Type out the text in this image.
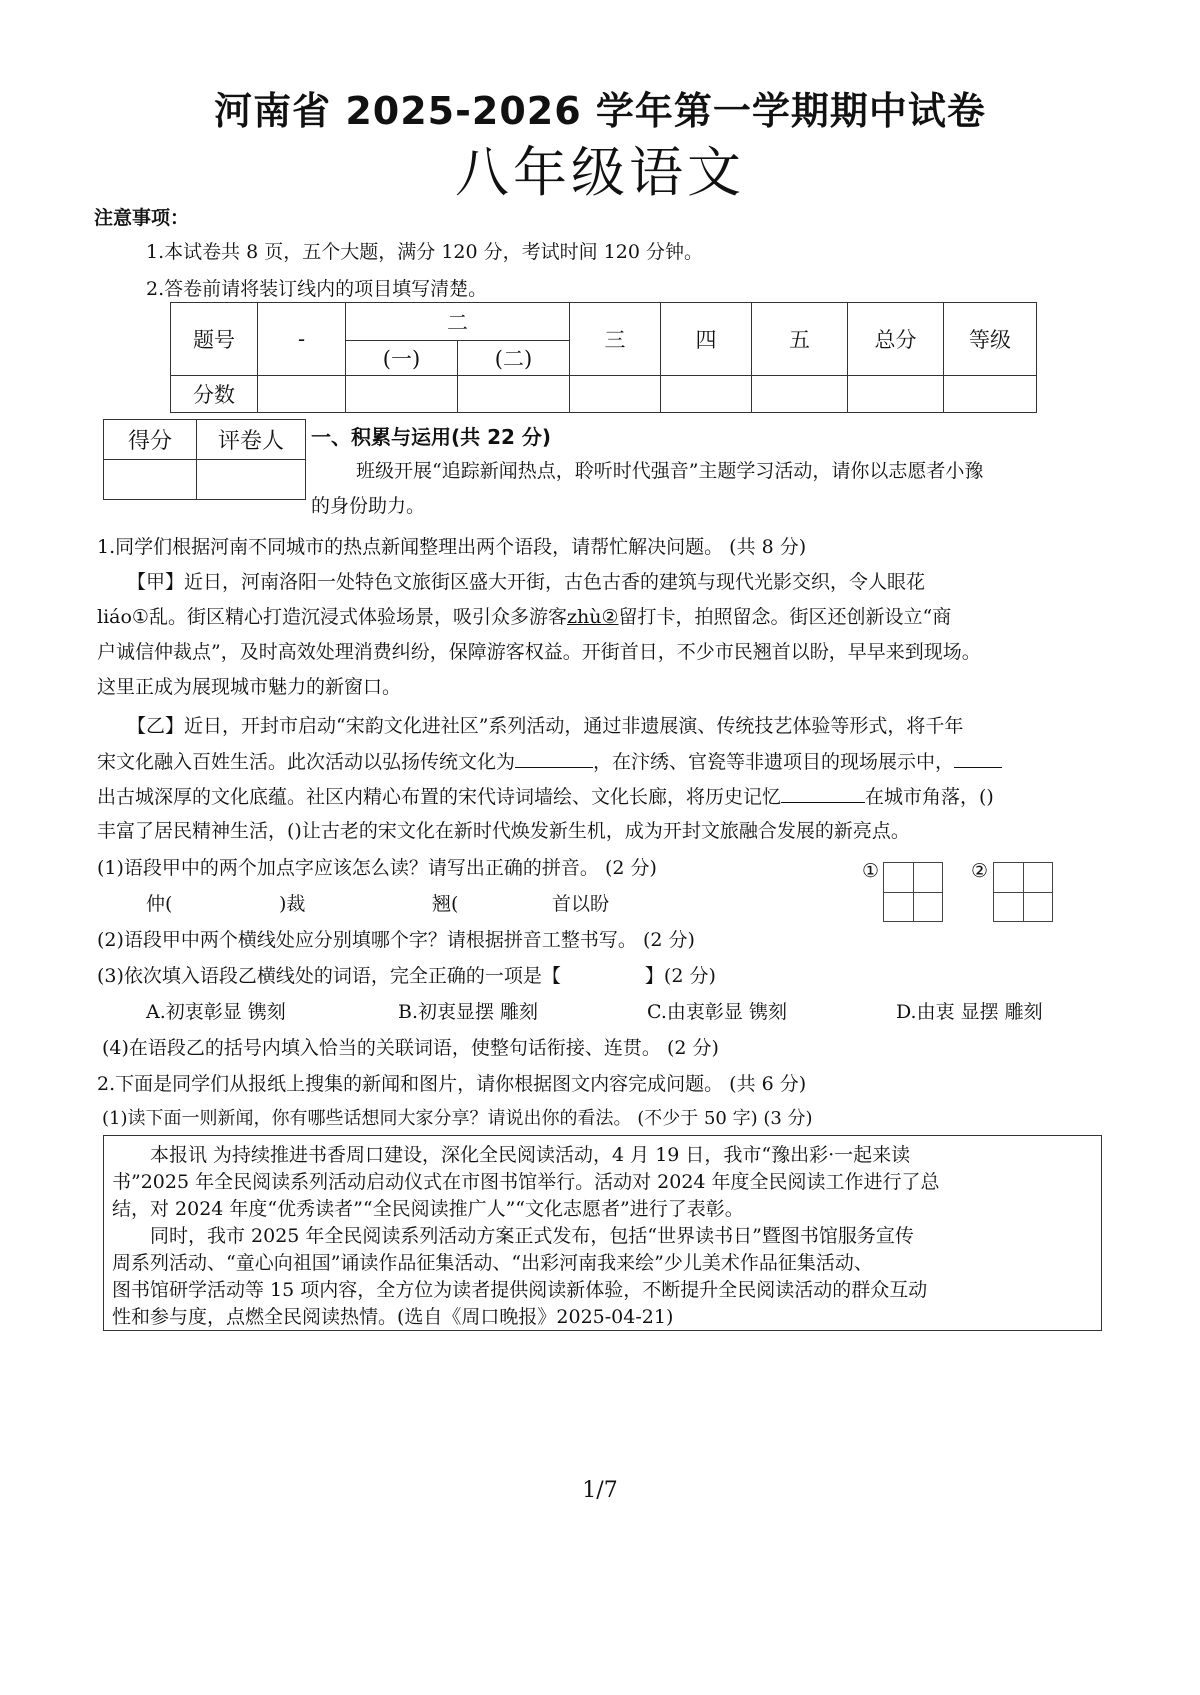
河南省 2025-2026 学年第一学期期中试卷
八年级语文
注意事项：
1.本试卷共 8 页，五个大题，满分 120 分，考试时间 120 分钟。
2.答卷前请将装订线内的项目填写清楚。
题号	-	二		三	四	五	总分	等级
		(一)	(二)					
分数								
得分	评卷人
	一、积累与运用(共 22 分)
班级开展“追踪新闻热点，聆听时代强音”主题学习活动，请你以志愿者小豫
的身份助力。
1.同学们根据河南不同城市的热点新闻整理出两个语段，请帮忙解决问题。 (共 8 分)
【甲】近日，河南洛阳一处特色文旅街区盛大开街，古色古香的建筑与现代光影交织，令人眼花
liáo①乱。街区精心打造沉浸式体验场景，吸引众多游客zhù②留打卡，拍照留念。街区还创新设立“商
户诚信仲裁点”，及时高效处理消费纠纷，保障游客权益。开街首日，不少市民翘首以盼，早早来到现场。
这里正成为展现城市魅力的新窗口。
【乙】近日，开封市启动“宋韵文化进社区”系列活动，通过非遗展演、传统技艺体验等形式，将千年
宋文化融入百姓生活。此次活动以弘扬传统文化为	，在汴绣、官瓷等非遗项目的现场展示中，
出古城深厚的文化底蕴。社区内精心布置的宋代诗词墙绘、文化长廊，将历史记忆	在城市角落，()
丰富了居民精神生活，()让古老的宋文化在新时代焕发新生机，成为开封文旅融合发展的新亮点。
(1)语段甲中的两个加点字应该怎么读？请写出正确的拼音。 (2 分)
仲(	)裁	翘(	首以盼
①	②
(2)语段甲中两个横线处应分别填哪个字？请根据拼音工整书写。 (2 分)
(3)依次填入语段乙横线处的词语，完全正确的一项是【	】(2 分)
A.初衷彰显 镌刻	B.初衷显摆 雕刻	C.由衷彰显 镌刻	D.由衷 显摆 雕刻
(4)在语段乙的括号内填入恰当的关联词语，使整句话衔接、连贯。 (2 分)
2.下面是同学们从报纸上搜集的新闻和图片，请你根据图文内容完成问题。 (共 6 分)
(1)读下面一则新闻，你有哪些话想同大家分享？请说出你的看法。 (不少于 50 字) (3 分)
本报讯 为持续推进书香周口建设，深化全民阅读活动，4 月 19 日，我市“豫出彩·一起来读
书”2025 年全民阅读系列活动启动仪式在市图书馆举行。活动对 2024 年度全民阅读工作进行了总
结，对 2024 年度“优秀读者”“全民阅读推广人”“文化志愿者”进行了表彰。
同时，我市 2025 年全民阅读系列活动方案正式发布，包括“世界读书日”暨图书馆服务宣传
周系列活动、“童心向祖国”诵读作品征集活动、“出彩河南我来绘”少儿美术作品征集活动、
图书馆研学活动等 15 项内容，全方位为读者提供阅读新体验，不断提升全民阅读活动的群众互动
性和参与度，点燃全民阅读热情。(选自《周口晚报》2025-04-21)
1/7
